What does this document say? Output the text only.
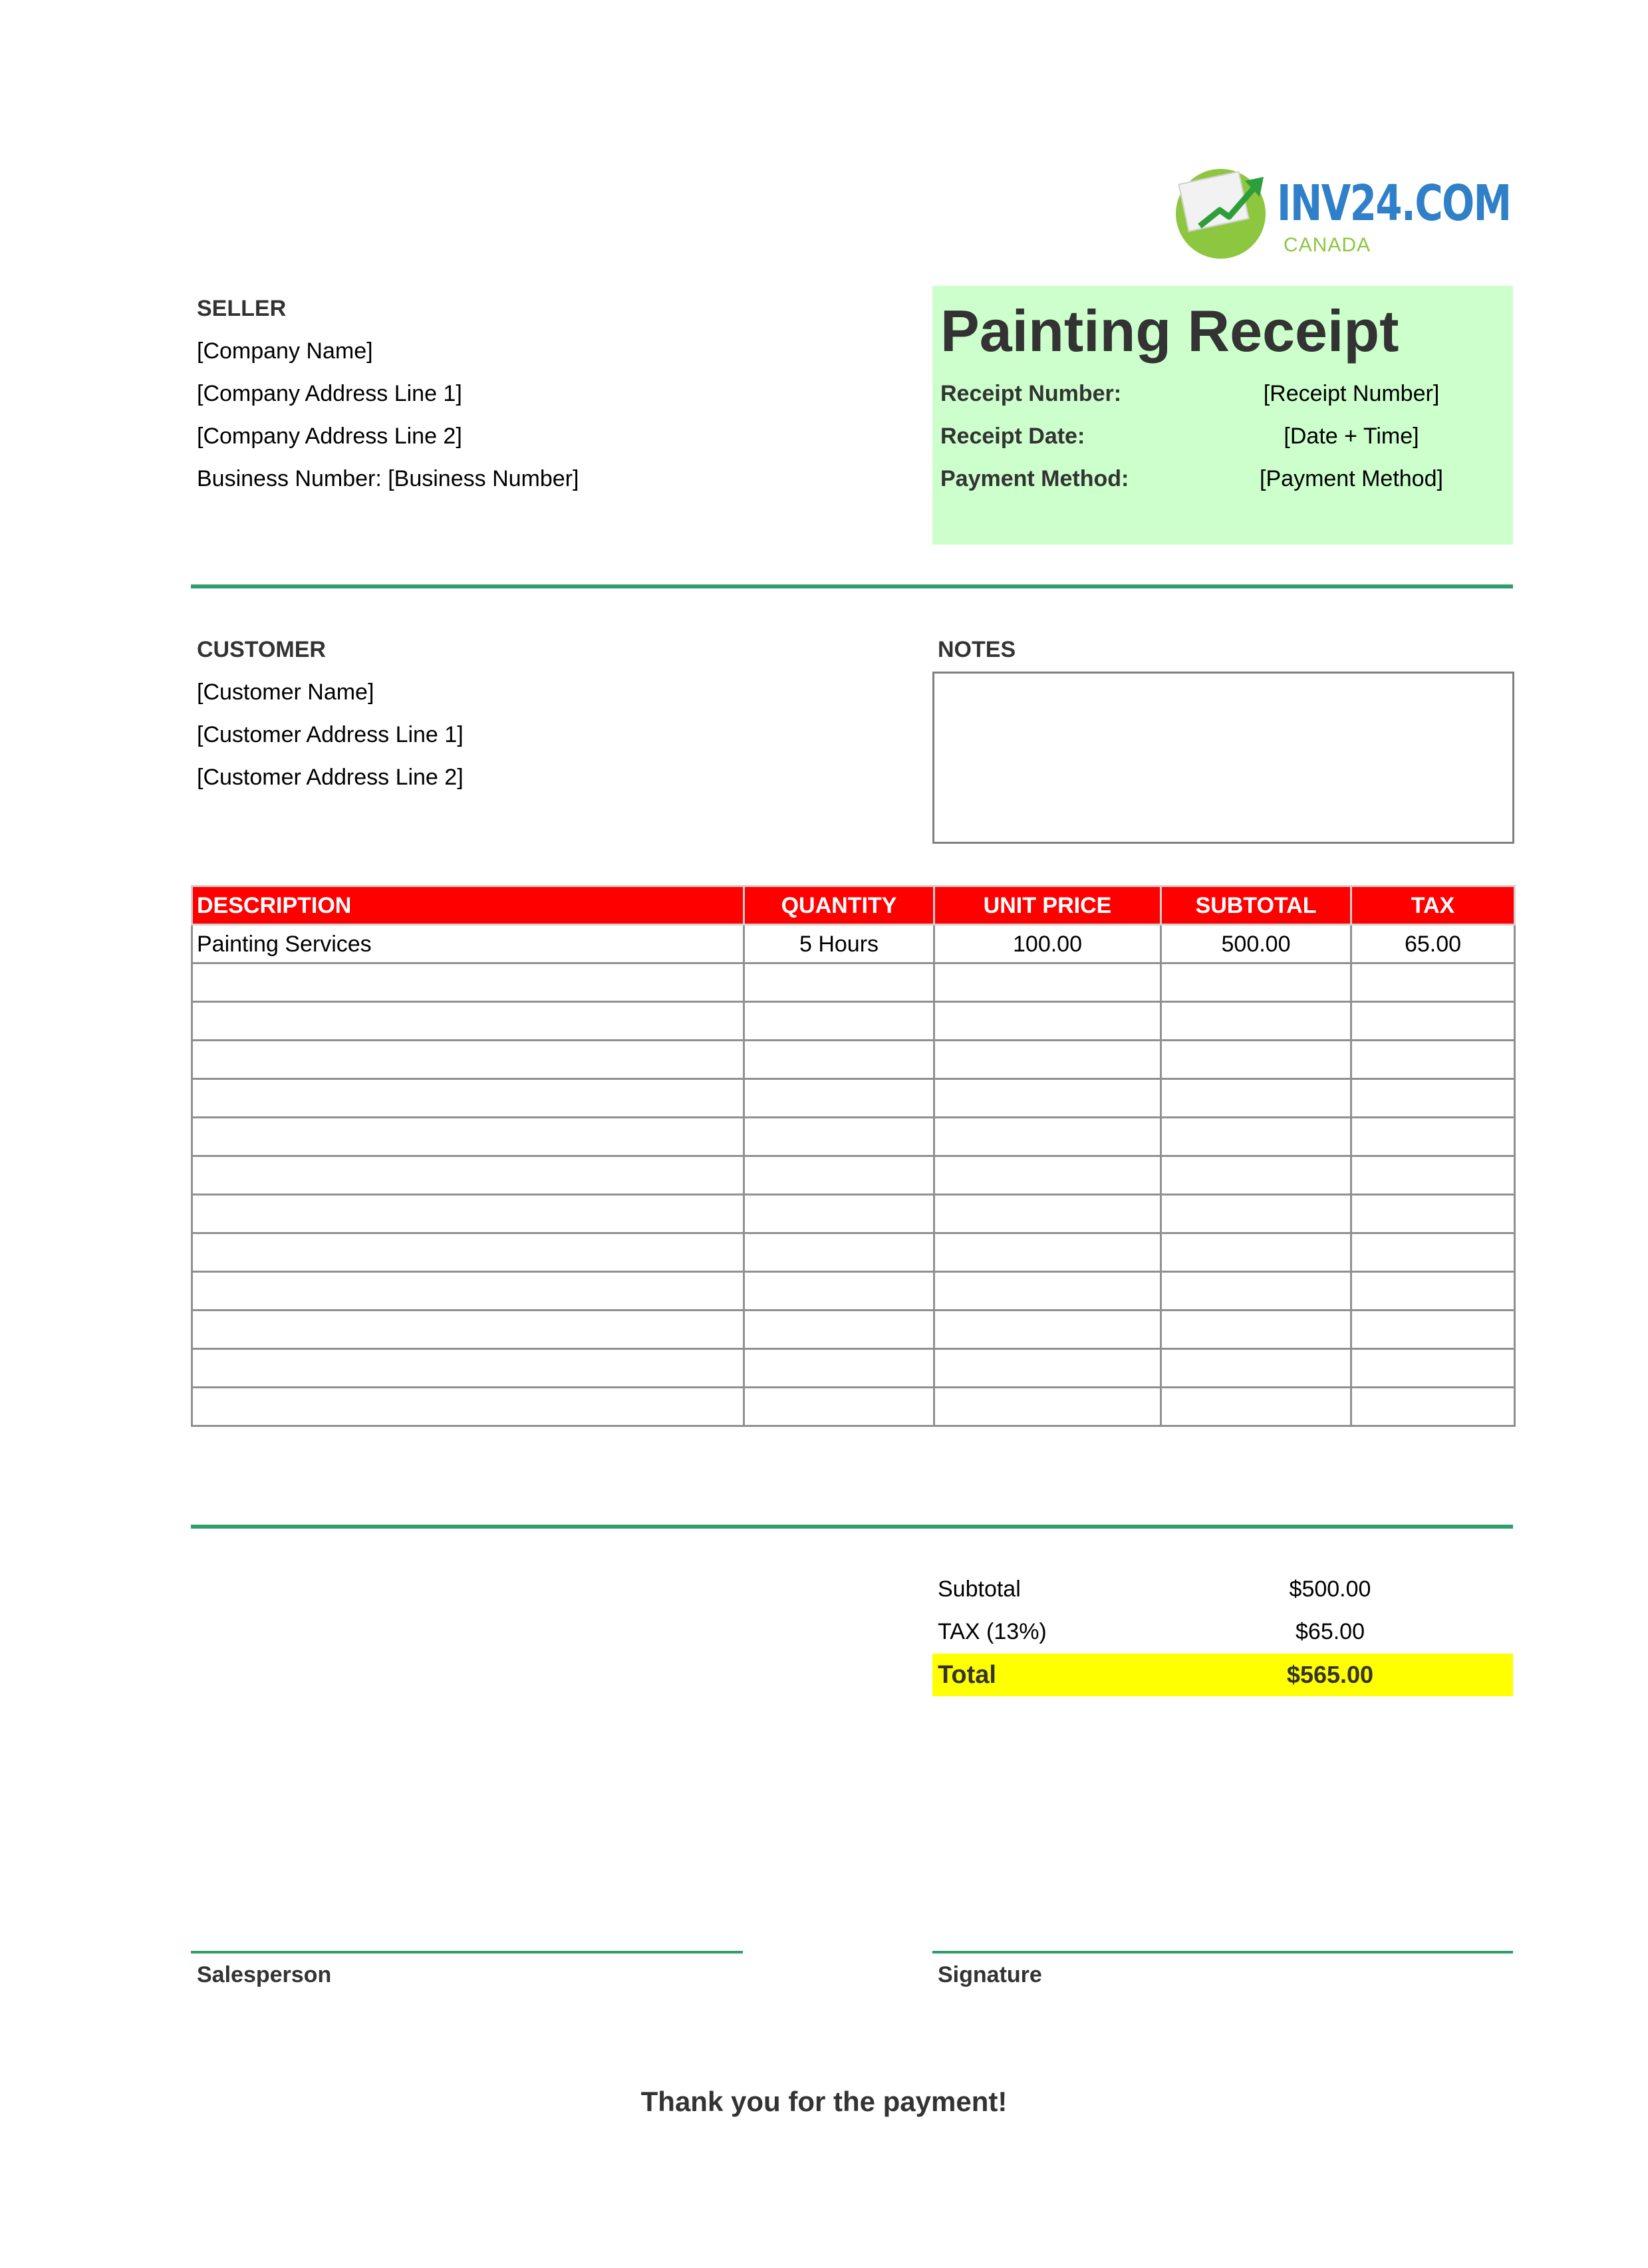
INV24.COM
CANADA
SELLER
[Company Name]
[Company Address Line 1]
[Company Address Line 2]
Business Number: [Business Number]
Painting Receipt
Receipt Number:	[Receipt Number]
Receipt Date:	[Date + Time]
Payment Method:	[Payment Method]
CUSTOMER
[Customer Name]
[Customer Address Line 1]
[Customer Address Line 2]
NOTES
DESCRIPTION	QUANTITY	UNIT PRICE	SUBTOTAL	TAX
Painting Services	5 Hours	100.00	500.00	65.00

Subtotal	$500.00
TAX (13%)	$65.00
Total	$565.00
Salesperson	Signature
Thank you for the payment!
